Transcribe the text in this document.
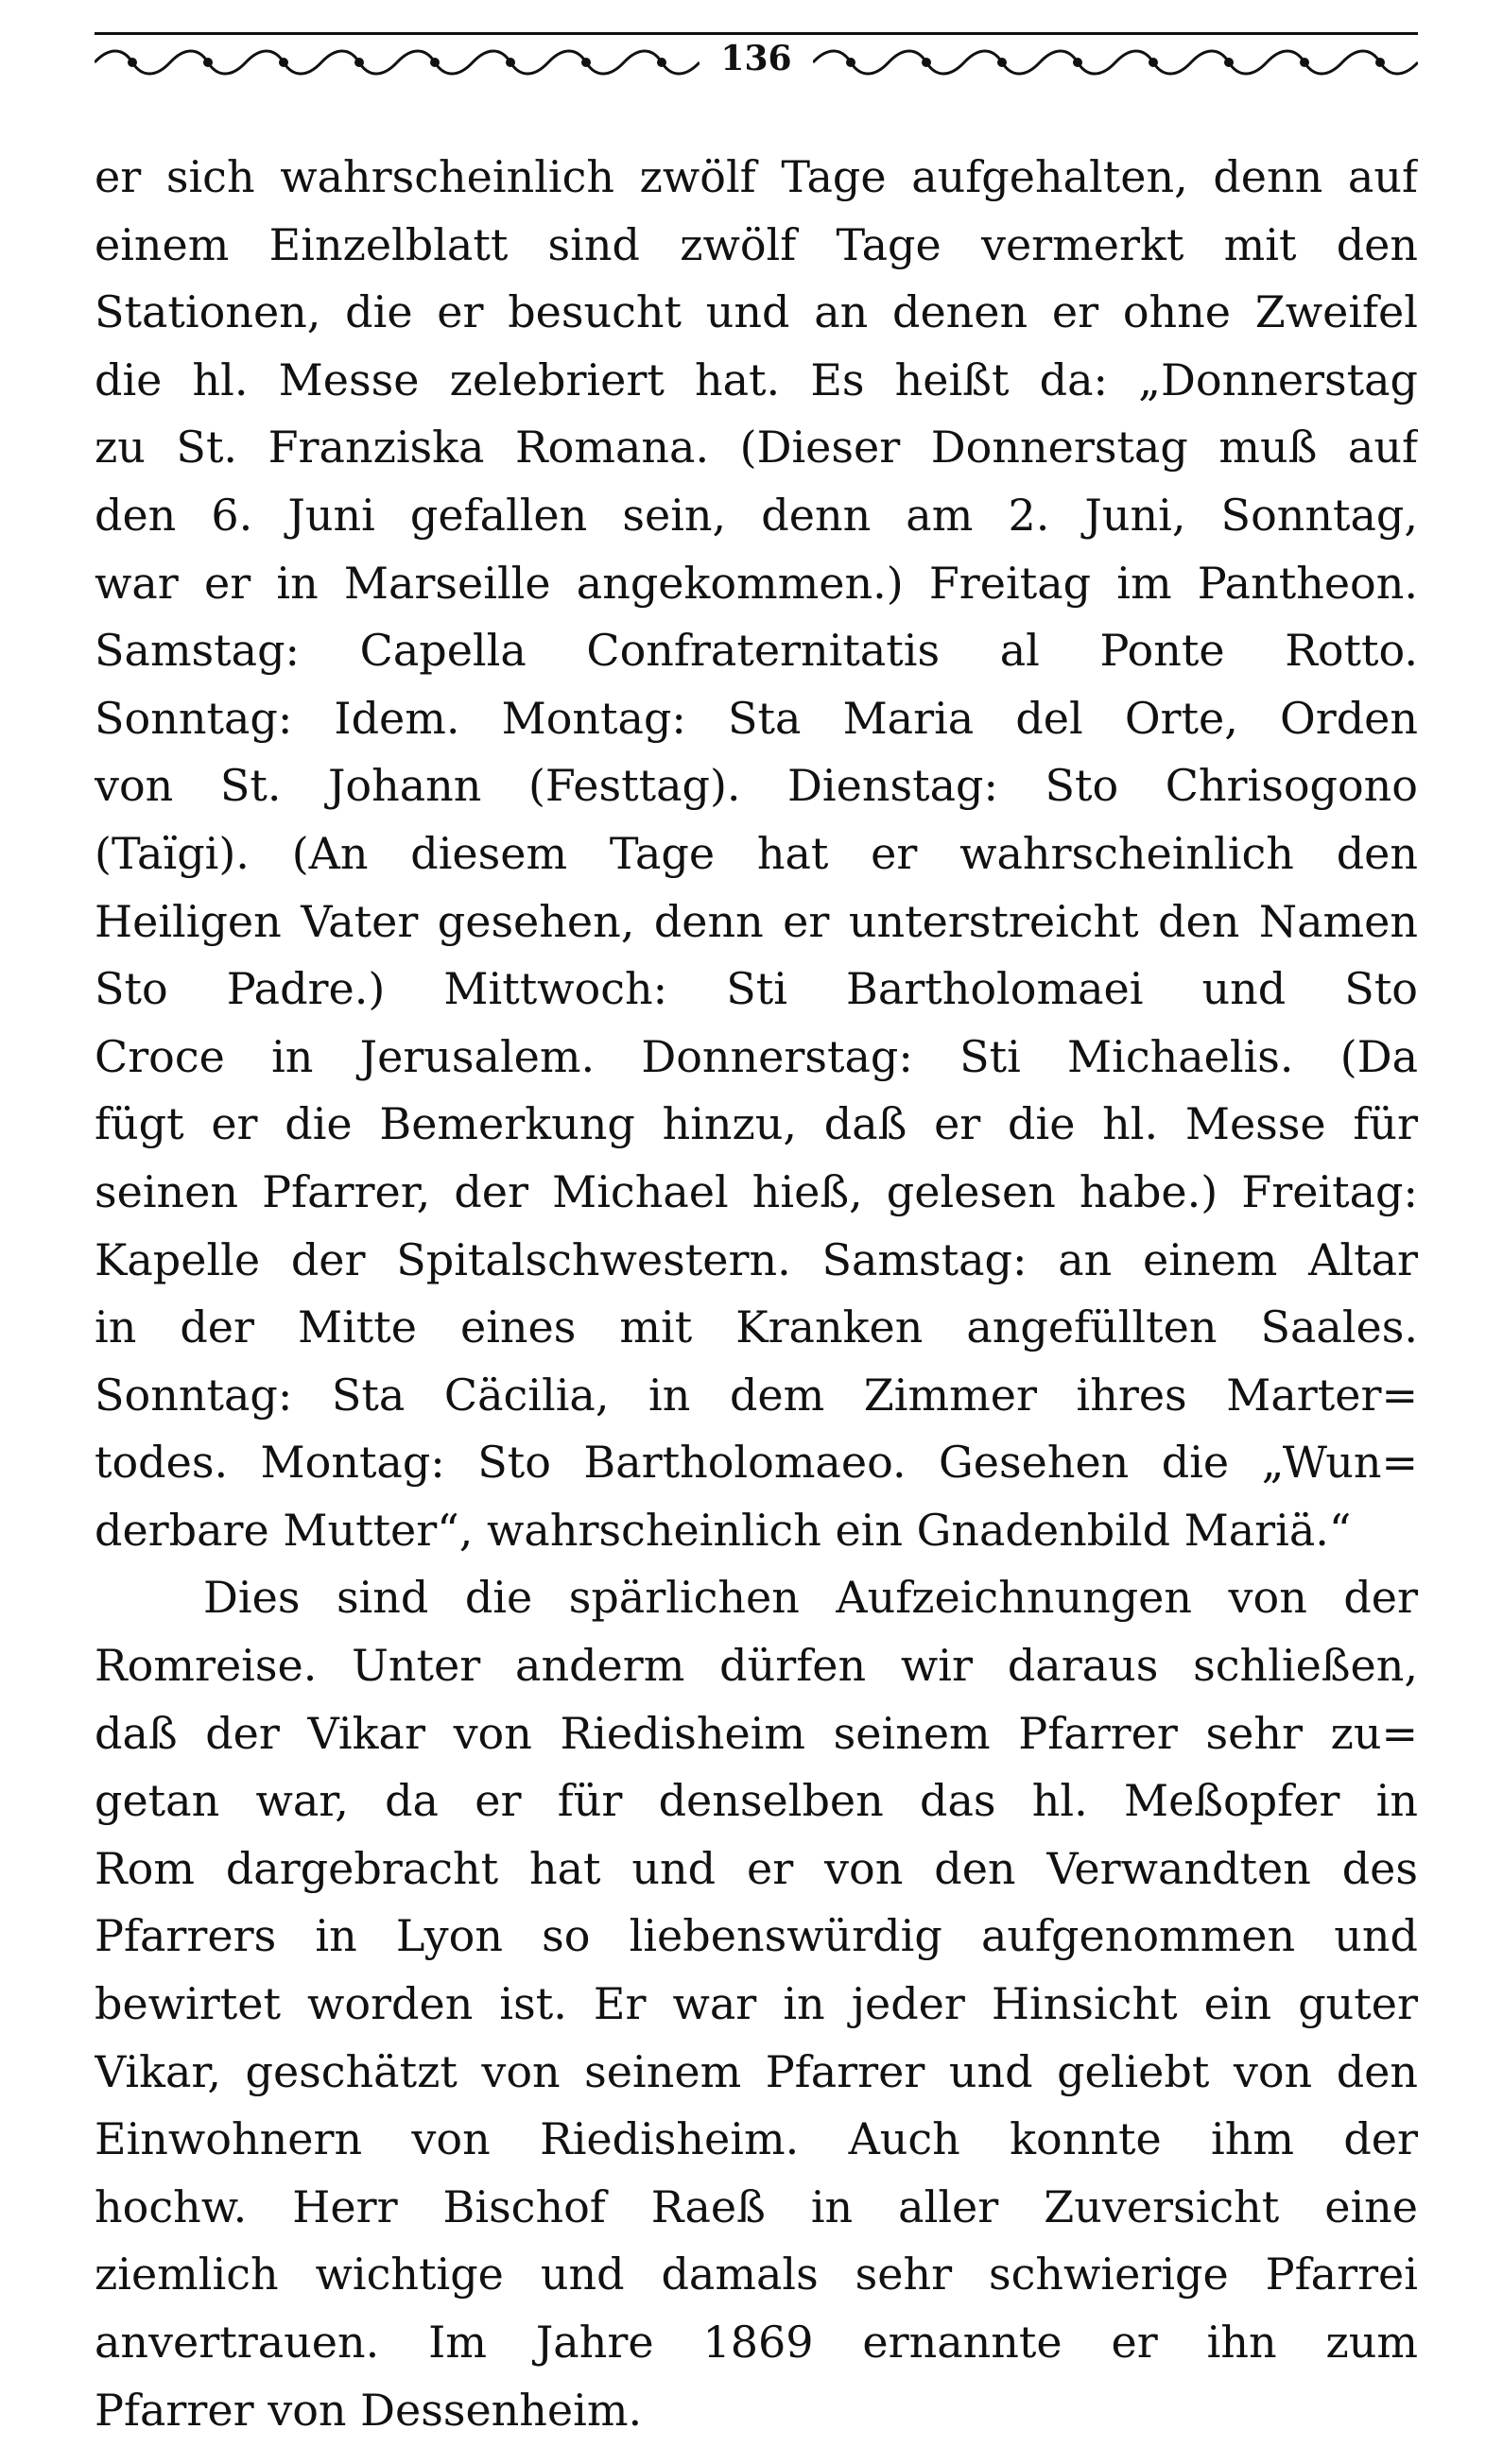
136
er sich wahrscheinlich zwölf Tage aufgehalten, denn auf
einem Einzelblatt sind zwölf Tage vermerkt mit den
Stationen, die er besucht und an denen er ohne Zweifel
die hl. Messe zelebriert hat. Es heißt da: „Donnerstag
zu St. Franziska Romana. (Dieser Donnerstag muß auf
den 6. Juni gefallen sein, denn am 2. Juni, Sonntag,
war er in Marseille angekommen.) Freitag im Pantheon.
Samstag: Capella Confraternitatis al Ponte Rotto.
Sonntag: Idem. Montag: Sta Maria del Orte, Orden
von St. Johann (Festtag). Dienstag: Sto Chrisogono
(Taïgi). (An diesem Tage hat er wahrscheinlich den
Heiligen Vater gesehen, denn er unterstreicht den Namen
Sto Padre.) Mittwoch: Sti Bartholomaei und Sto
Croce in Jerusalem. Donnerstag: Sti Michaelis. (Da
fügt er die Bemerkung hinzu, daß er die hl. Messe für
seinen Pfarrer, der Michael hieß, gelesen habe.) Freitag:
Kapelle der Spitalschwestern. Samstag: an einem Altar
in der Mitte eines mit Kranken angefüllten Saales.
Sonntag: Sta Cäcilia, in dem Zimmer ihres Marter=
todes. Montag: Sto Bartholomaeo. Gesehen die „Wun=
derbare Mutter“, wahrscheinlich ein Gnadenbild Mariä.“
Dies sind die spärlichen Aufzeichnungen von der
Romreise. Unter anderm dürfen wir daraus schließen,
daß der Vikar von Riedisheim seinem Pfarrer sehr zu=
getan war, da er für denselben das hl. Meßopfer in
Rom dargebracht hat und er von den Verwandten des
Pfarrers in Lyon so liebenswürdig aufgenommen und
bewirtet worden ist. Er war in jeder Hinsicht ein guter
Vikar, geschätzt von seinem Pfarrer und geliebt von den
Einwohnern von Riedisheim. Auch konnte ihm der
hochw. Herr Bischof Raeß in aller Zuversicht eine
ziemlich wichtige und damals sehr schwierige Pfarrei
anvertrauen. Im Jahre 1869 ernannte er ihn zum
Pfarrer von Dessenheim.
